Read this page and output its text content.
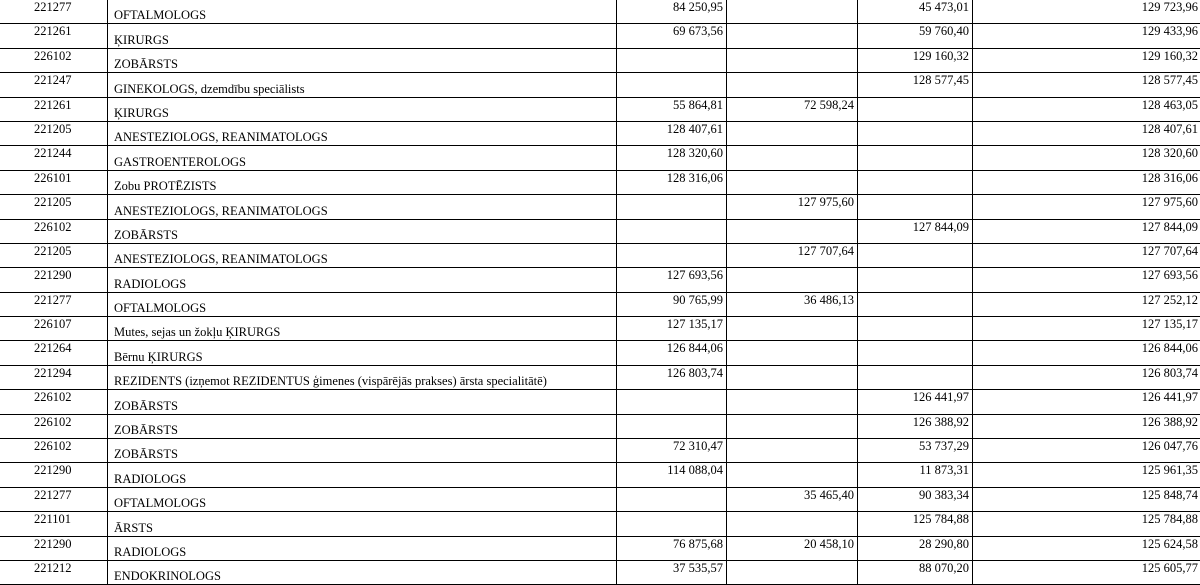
221277	OFTALMOLOGS	84 250,95		45 473,01	129 723,96
221261	ĶIRURGS	69 673,56		59 760,40	129 433,96
226102	ZOBĀRSTS			129 160,32	129 160,32
221247	GINEKOLOGS, dzemdību speciālists			128 577,45	128 577,45
221261	ĶIRURGS	55 864,81	72 598,24		128 463,05
221205	ANESTEZIOLOGS, REANIMATOLOGS	128 407,61			128 407,61
221244	GASTROENTEROLOGS	128 320,60			128 320,60
226101	Zobu PROTĒZISTS	128 316,06			128 316,06
221205	ANESTEZIOLOGS, REANIMATOLOGS		127 975,60		127 975,60
226102	ZOBĀRSTS			127 844,09	127 844,09
221205	ANESTEZIOLOGS, REANIMATOLOGS		127 707,64		127 707,64
221290	RADIOLOGS	127 693,56			127 693,56
221277	OFTALMOLOGS	90 765,99	36 486,13		127 252,12
226107	Mutes, sejas un žokļu ĶIRURGS	127 135,17			127 135,17
221264	Bērnu ĶIRURGS	126 844,06			126 844,06
221294	REZIDENTS (izņemot REZIDENTUS ģimenes (vispārējās prakses) ārsta specialitātē)	126 803,74			126 803,74
226102	ZOBĀRSTS			126 441,97	126 441,97
226102	ZOBĀRSTS			126 388,92	126 388,92
226102	ZOBĀRSTS	72 310,47		53 737,29	126 047,76
221290	RADIOLOGS	114 088,04		11 873,31	125 961,35
221277	OFTALMOLOGS		35 465,40	90 383,34	125 848,74
221101	ĀRSTS			125 784,88	125 784,88
221290	RADIOLOGS	76 875,68	20 458,10	28 290,80	125 624,58
221212	ENDOKRINOLOGS	37 535,57		88 070,20	125 605,77
